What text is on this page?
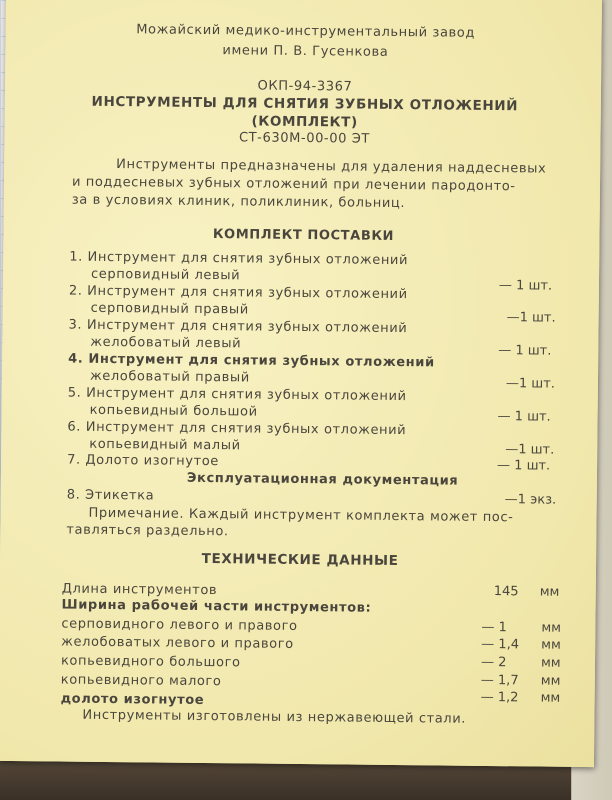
Можайский медико-инструментальный завод
имени П. В. Гусенкова
ОКП-94-3367
ИНСТРУМЕНТЫ ДЛЯ СНЯТИЯ ЗУБНЫХ ОТЛОЖЕНИЙ
(КОМПЛЕКТ)
СТ-630М-00-00 ЭТ
Инструменты предназначены для удаления наддесневых
и поддесневых зубных отложений при лечении пародонто-
за в условиях клиник, поликлиник, больниц.
КОМПЛЕКТ ПОСТАВКИ
1. Инструмент для снятия зубных отложений
серповидный левый
— 1 шт.
2. Инструмент для снятия зубных отложений
серповидный правый
—1 шт.
3. Инструмент для снятия зубных отложений
желобоватый левый	— 1 шт.
4. Инструмент для снятия зубных отложений
желобоватый правый	—1 шт.
5. Инструмент для снятия зубных отложений
копьевидный большой	— 1 шт.
6. Инструмент для снятия зубных отложений
копьевидный малый	—1 шт.
7. Долото изогнутое	— 1 шт.
Эксплуатационная документация
8. Этикетка	—1 экз.
Примечание. Каждый инструмент комплекта может пос-
тавляться раздельно.
ТЕХНИЧЕСКИЕ ДАННЫЕ
Длина инструментов	145 мм
Ширина рабочей части инструментов:
серповидного левого и правого	— 1	мм
желобоватых левого и правого	— 1,4 мм
копьевидного большого	— 2	мм
копьевидного малого	— 1,7 мм
долото изогнутое	— 1,2 мм
Инструменты изготовлены из нержавеющей стали.
